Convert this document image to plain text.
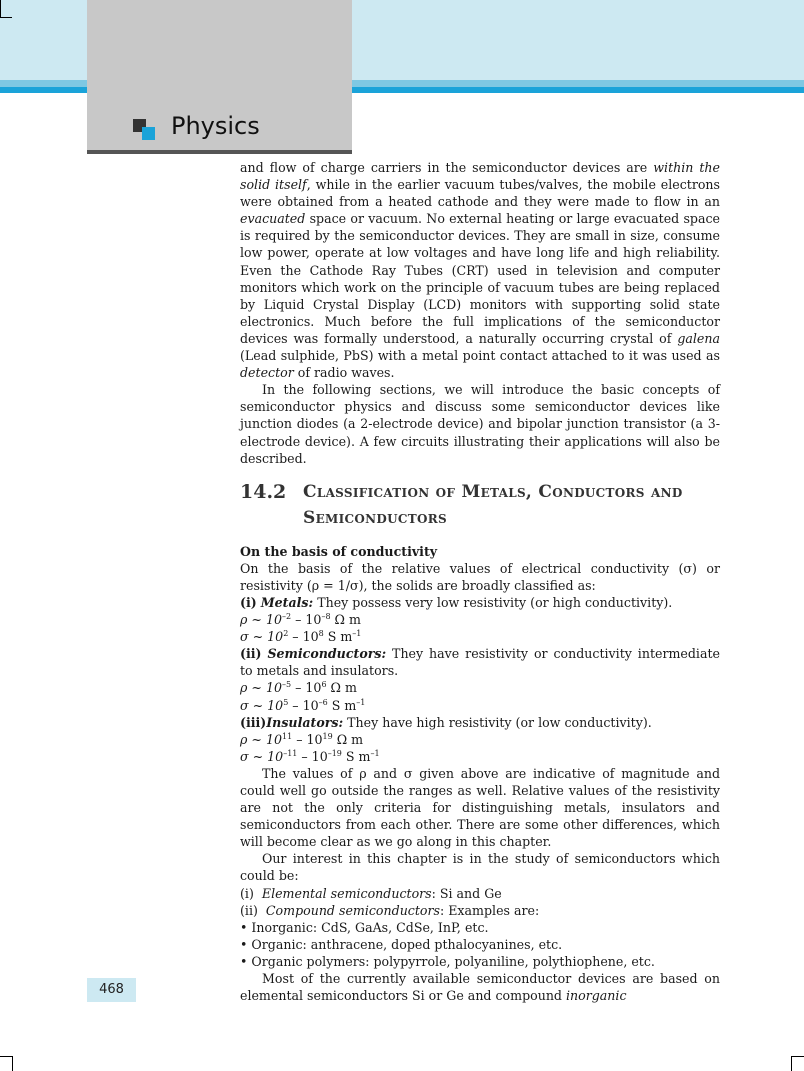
Physics

and flow of charge carriers in the semiconductor devices are within the solid itself, while in the earlier vacuum tubes/valves, the mobile electrons were obtained from a heated cathode and they were made to flow in an evacuated space or vacuum. No external heating or large evacuated space is required by the semiconductor devices. They are small in size, consume low power, operate at low voltages and have long life and high reliability. Even the Cathode Ray Tubes (CRT) used in television and computer monitors which work on the principle of vacuum tubes are being replaced by Liquid Crystal Display (LCD) monitors with supporting solid state electronics. Much before the full implications of the semiconductor devices was formally understood, a naturally occurring crystal of galena (Lead sulphide, PbS) with a metal point contact attached to it was used as detector of radio waves.

In the following sections, we will introduce the basic concepts of semiconductor physics and discuss some semiconductor devices like junction diodes (a 2-electrode device) and bipolar junction transistor (a 3-electrode device). A few circuits illustrating their applications will also be described.

14.2 Classification of Metals, Conductors and Semiconductors

On the basis of conductivity

On the basis of the relative values of electrical conductivity (σ) or resistivity (ρ = 1/σ), the solids are broadly classified as:

(i) Metals: They possess very low resistivity (or high conductivity).

ρ ~ $10^{-2} - 10^{-8}$ Ω m

σ ~ $10^2 - 10^8$ S $m^{-1}$

(ii) Semiconductors: They have resistivity or conductivity intermediate to metals and insulators.

ρ ~ $10^{-5} - 10^6$ Ω m

σ ~ $10^5 - 10^{-6}$ S $m^{-1}$

(iii)Insulators: They have high resistivity (or low conductivity).

ρ ~ $10^{11} - 10^{19}$ Ω m

σ ~ $10^{-11} - 10^{-19}$ S $m^{-1}$

The values of ρ and σ given above are indicative of magnitude and could well go outside the ranges as well. Relative values of the resistivity are not the only criteria for distinguishing metals, insulators and semiconductors from each other. There are some other differences, which will become clear as we go along in this chapter.

Our interest in this chapter is in the study of semiconductors which could be:

(i) Elemental semiconductors: Si and Ge

(ii) Compound semiconductors: Examples are:

• Inorganic: CdS, GaAs, CdSe, InP, etc.

• Organic: anthracene, doped pthalocyanines, etc.

• Organic polymers: polypyrrole, polyaniline, polythiophene, etc.

Most of the currently available semiconductor devices are based on elemental semiconductors Si or Ge and compound inorganic

468
